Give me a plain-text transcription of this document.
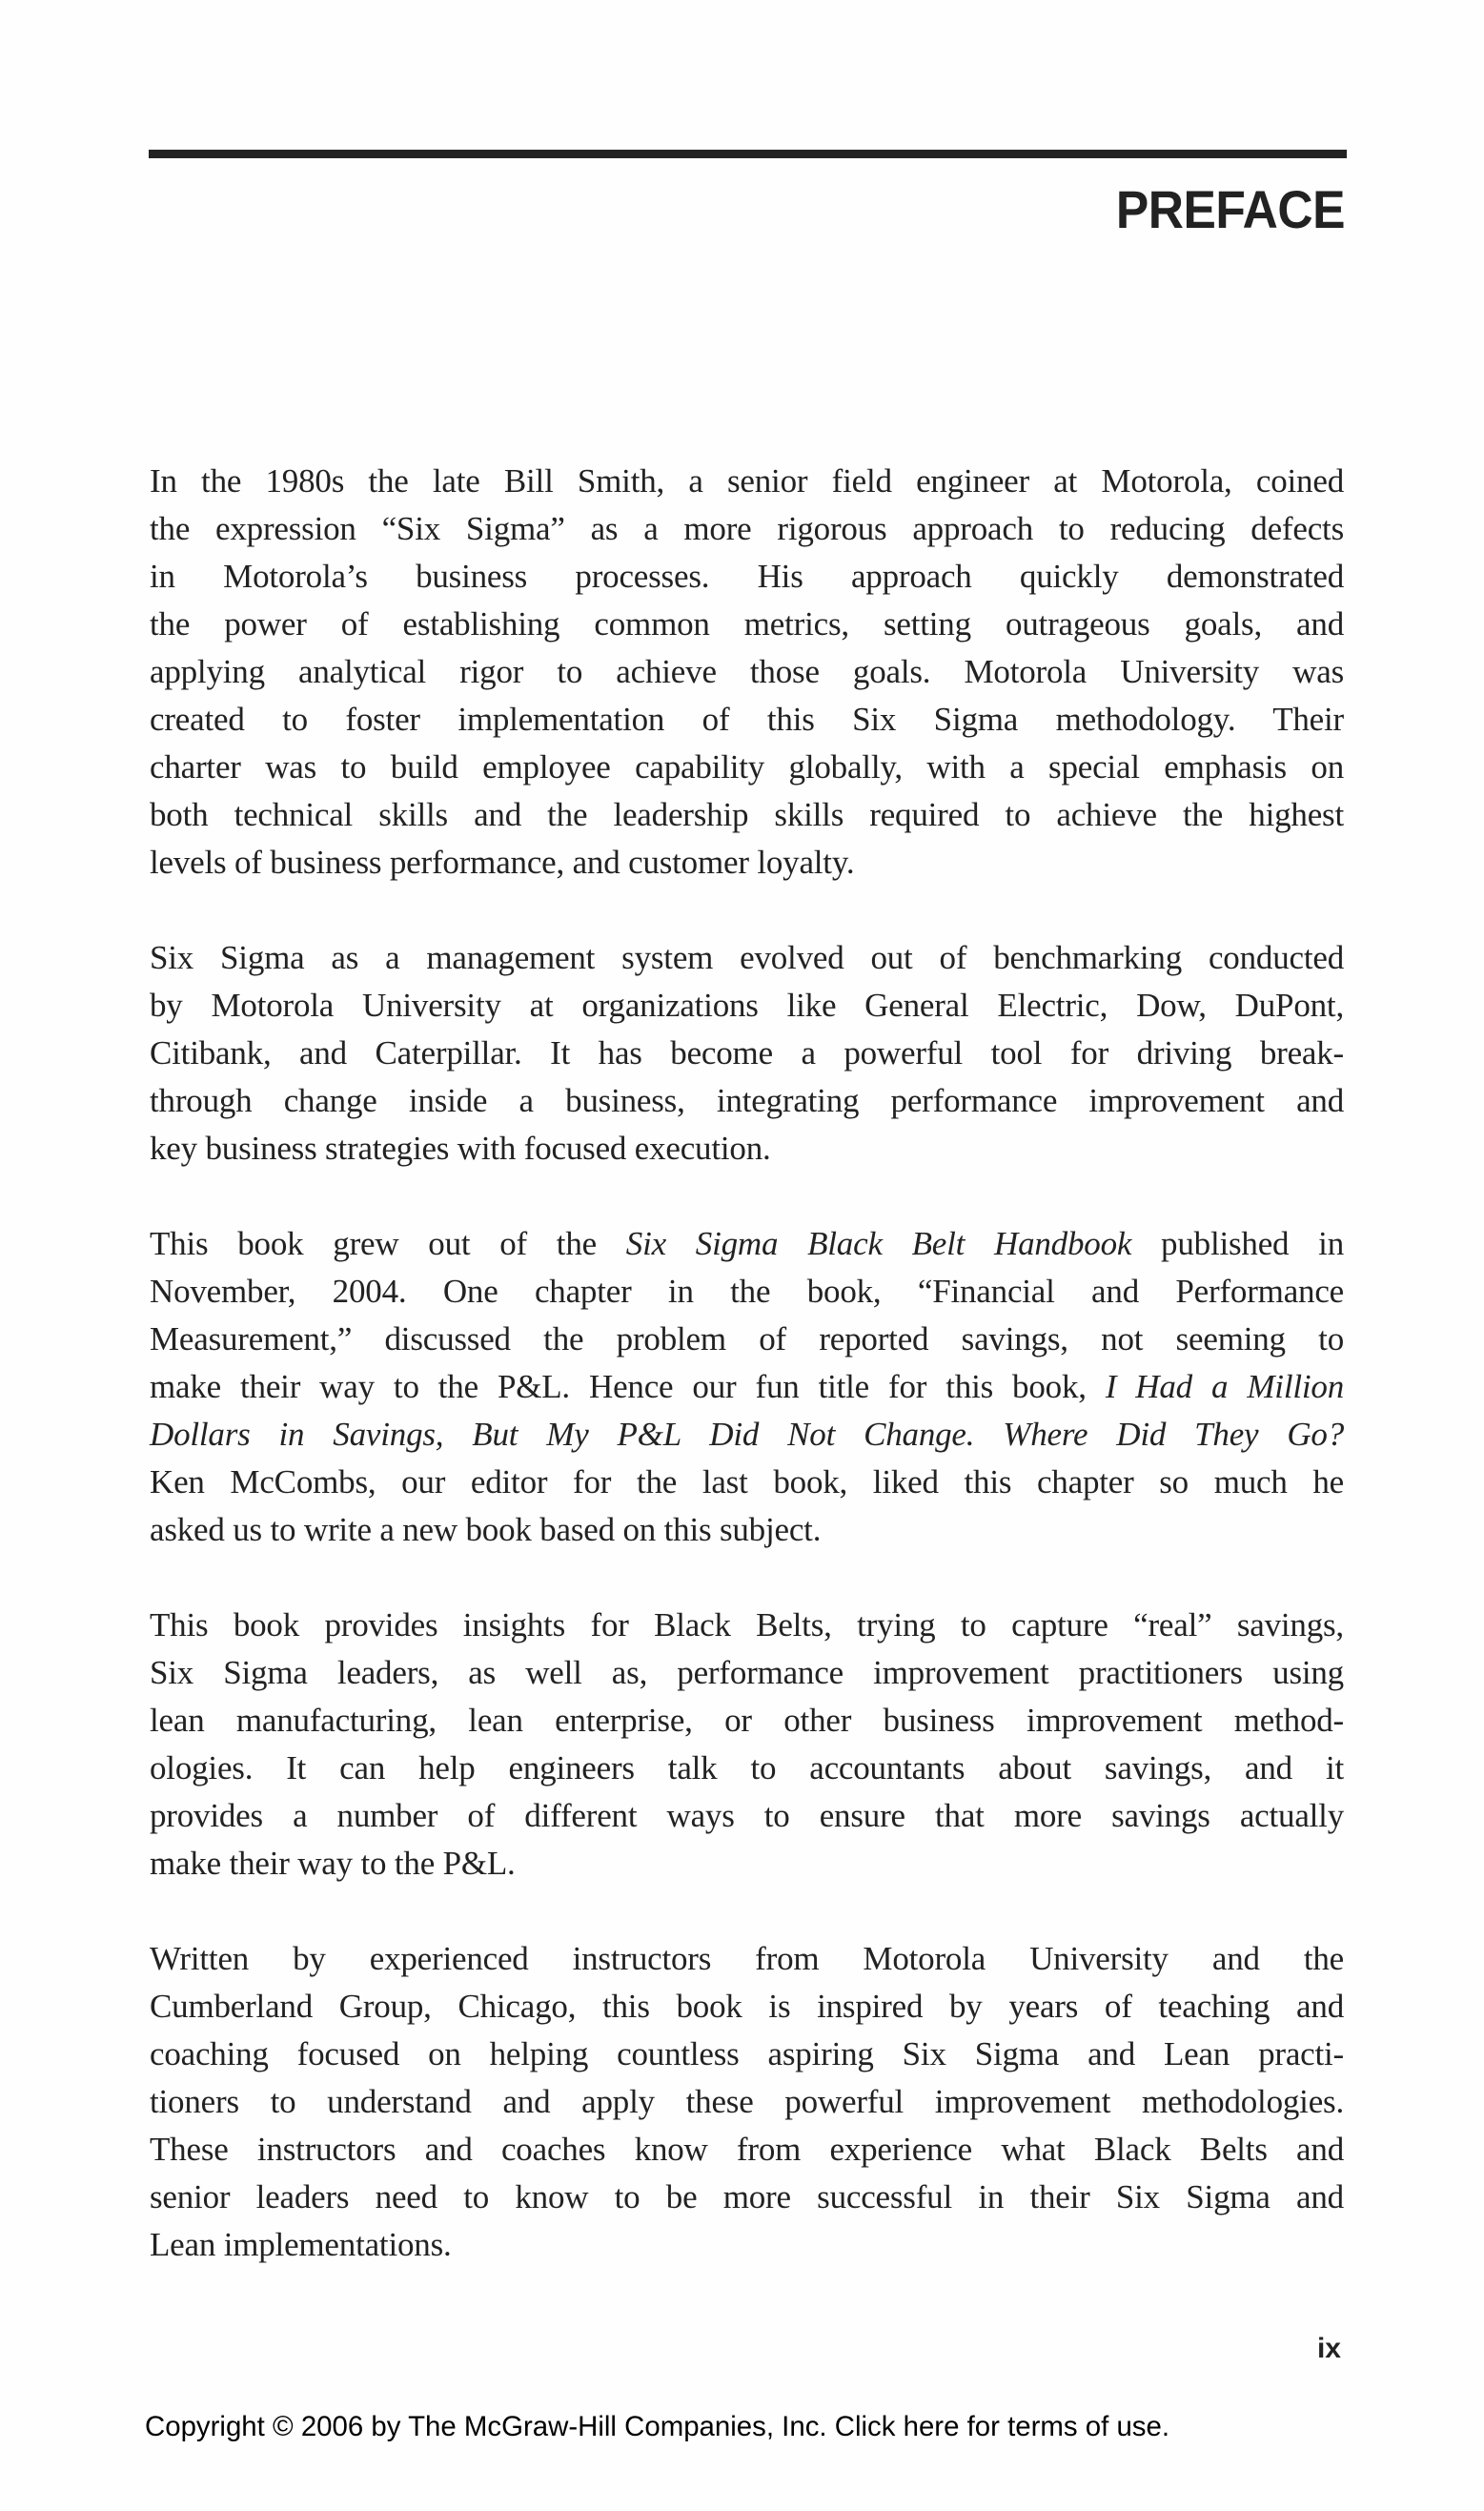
PREFACE
In the 1980s the late Bill Smith, a senior field engineer at Motorola, coined
the expression “Six Sigma” as a more rigorous approach to reducing defects
in Motorola’s business processes. His approach quickly demonstrated
the power of establishing common metrics, setting outrageous goals, and
applying analytical rigor to achieve those goals. Motorola University was
created to foster implementation of this Six Sigma methodology. Their
charter was to build employee capability globally, with a special emphasis on
both technical skills and the leadership skills required to achieve the highest
levels of business performance, and customer loyalty.
Six Sigma as a management system evolved out of benchmarking conducted
by Motorola University at organizations like General Electric, Dow, DuPont,
Citibank, and Caterpillar. It has become a powerful tool for driving break-
through change inside a business, integrating performance improvement and
key business strategies with focused execution.
This book grew out of the Six Sigma Black Belt Handbook published in
November, 2004. One chapter in the book, “Financial and Performance
Measurement,” discussed the problem of reported savings, not seeming to
make their way to the P&L. Hence our fun title for this book, I Had a Million
Dollars in Savings, But My P&L Did Not Change. Where Did They Go?
Ken McCombs, our editor for the last book, liked this chapter so much he
asked us to write a new book based on this subject.
This book provides insights for Black Belts, trying to capture “real” savings,
Six Sigma leaders, as well as, performance improvement practitioners using
lean manufacturing, lean enterprise, or other business improvement method-
ologies. It can help engineers talk to accountants about savings, and it
provides a number of different ways to ensure that more savings actually
make their way to the P&L.
Written by experienced instructors from Motorola University and the
Cumberland Group, Chicago, this book is inspired by years of teaching and
coaching focused on helping countless aspiring Six Sigma and Lean practi-
tioners to understand and apply these powerful improvement methodologies.
These instructors and coaches know from experience what Black Belts and
senior leaders need to know to be more successful in their Six Sigma and
Lean implementations.
ix
Copyright © 2006 by The McGraw-Hill Companies, Inc. Click here for terms of use.
